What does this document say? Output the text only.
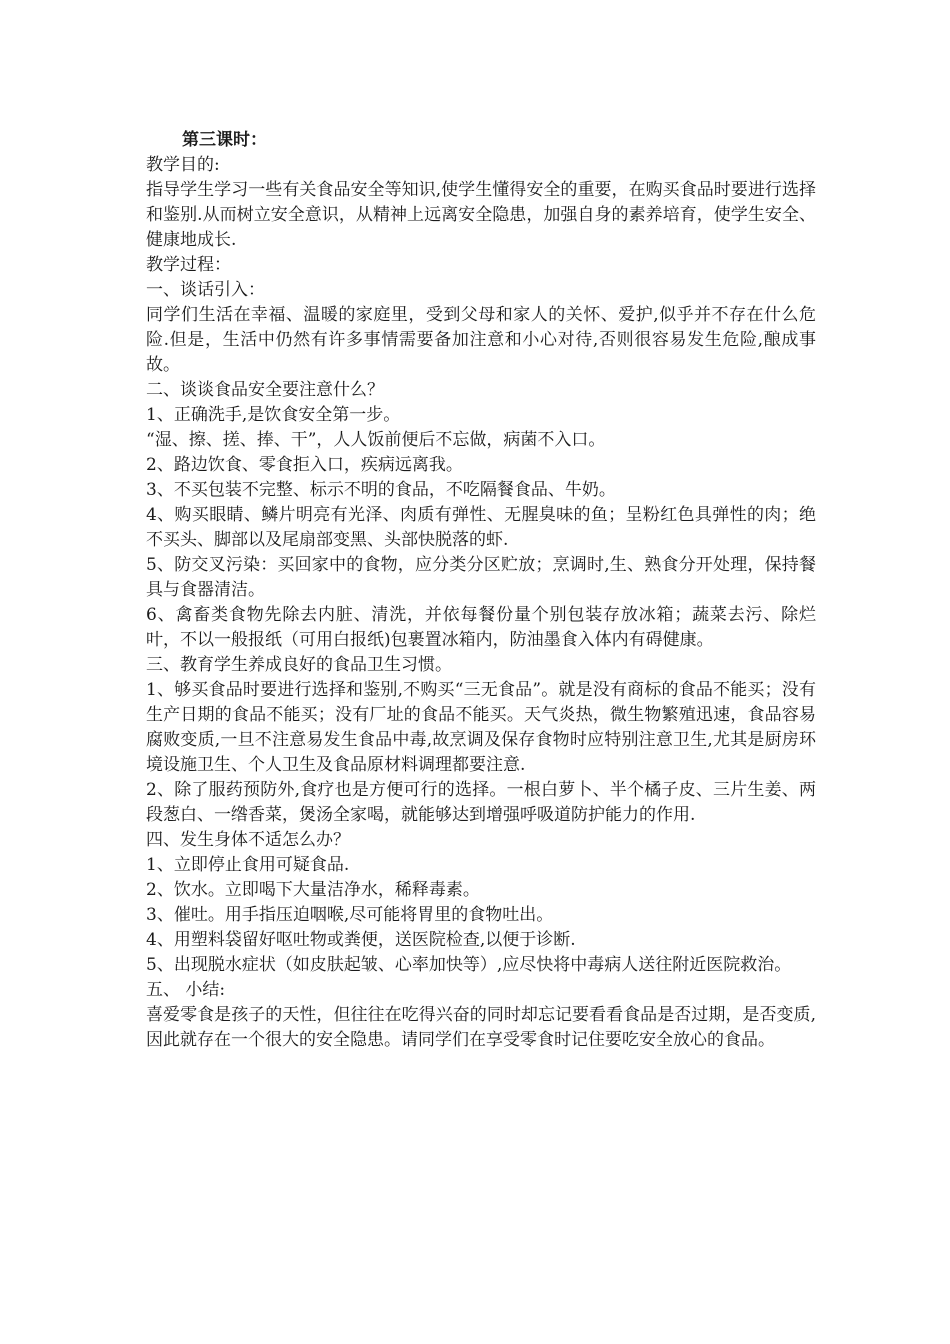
第三课时：
教学目的:
指导学生学习一些有关食品安全等知识,使学生懂得安全的重要，在购买食品时要进行选择和鉴别.从而树立安全意识，从精神上远离安全隐患，加强自身的素养培育，使学生安全、健康地成长.
教学过程：
一、谈话引入：
同学们生活在幸福、温暖的家庭里，受到父母和家人的关怀、爱护,似乎并不存在什么危险.但是，生活中仍然有许多事情需要备加注意和小心对待,否则很容易发生危险,酿成事故。
二、谈谈食品安全要注意什么？
1、正确洗手,是饮食安全第一步。
“湿、擦、搓、捧、干”，人人饭前便后不忘做，病菌不入口。
2、路边饮食、零食拒入口，疾病远离我。
3、不买包装不完整、标示不明的食品，不吃隔餐食品、牛奶。
4、购买眼睛、鳞片明亮有光泽、肉质有弹性、无腥臭味的鱼；呈粉红色具弹性的肉；绝不买头、脚部以及尾扇部变黑、头部快脱落的虾.
5、防交叉污染：买回家中的食物，应分类分区贮放；烹调时,生、熟食分开处理，保持餐具与食器清洁。
6、禽畜类食物先除去内脏、清洗，并依每餐份量个别包装存放冰箱；蔬菜去污、除烂叶，不以一般报纸（可用白报纸)包裹置冰箱内，防油墨食入体内有碍健康。
三、教育学生养成良好的食品卫生习惯。
1、够买食品时要进行选择和鉴别,不购买“三无食品”。就是没有商标的食品不能买；没有生产日期的食品不能买；没有厂址的食品不能买。天气炎热，微生物繁殖迅速，食品容易腐败变质,一旦不注意易发生食品中毒,故烹调及保存食物时应特别注意卫生,尤其是厨房环境设施卫生、个人卫生及食品原材料调理都要注意.
2、除了服药预防外,食疗也是方便可行的选择。一根白萝卜、半个橘子皮、三片生姜、两段葱白、一绺香菜，煲汤全家喝，就能够达到增强呼吸道防护能力的作用.
四、发生身体不适怎么办？
1、立即停止食用可疑食品.
2、饮水。立即喝下大量洁净水，稀释毒素。
3、催吐。用手指压迫咽喉,尽可能将胃里的食物吐出。
4、用塑料袋留好呕吐物或粪便，送医院检查,以便于诊断.
5、出现脱水症状（如皮肤起皱、心率加快等）,应尽快将中毒病人送往附近医院救治。
五、 小结:
喜爱零食是孩子的天性，但往往在吃得兴奋的同时却忘记要看看食品是否过期，是否变质,因此就存在一个很大的安全隐患。请同学们在享受零食时记住要吃安全放心的食品。
